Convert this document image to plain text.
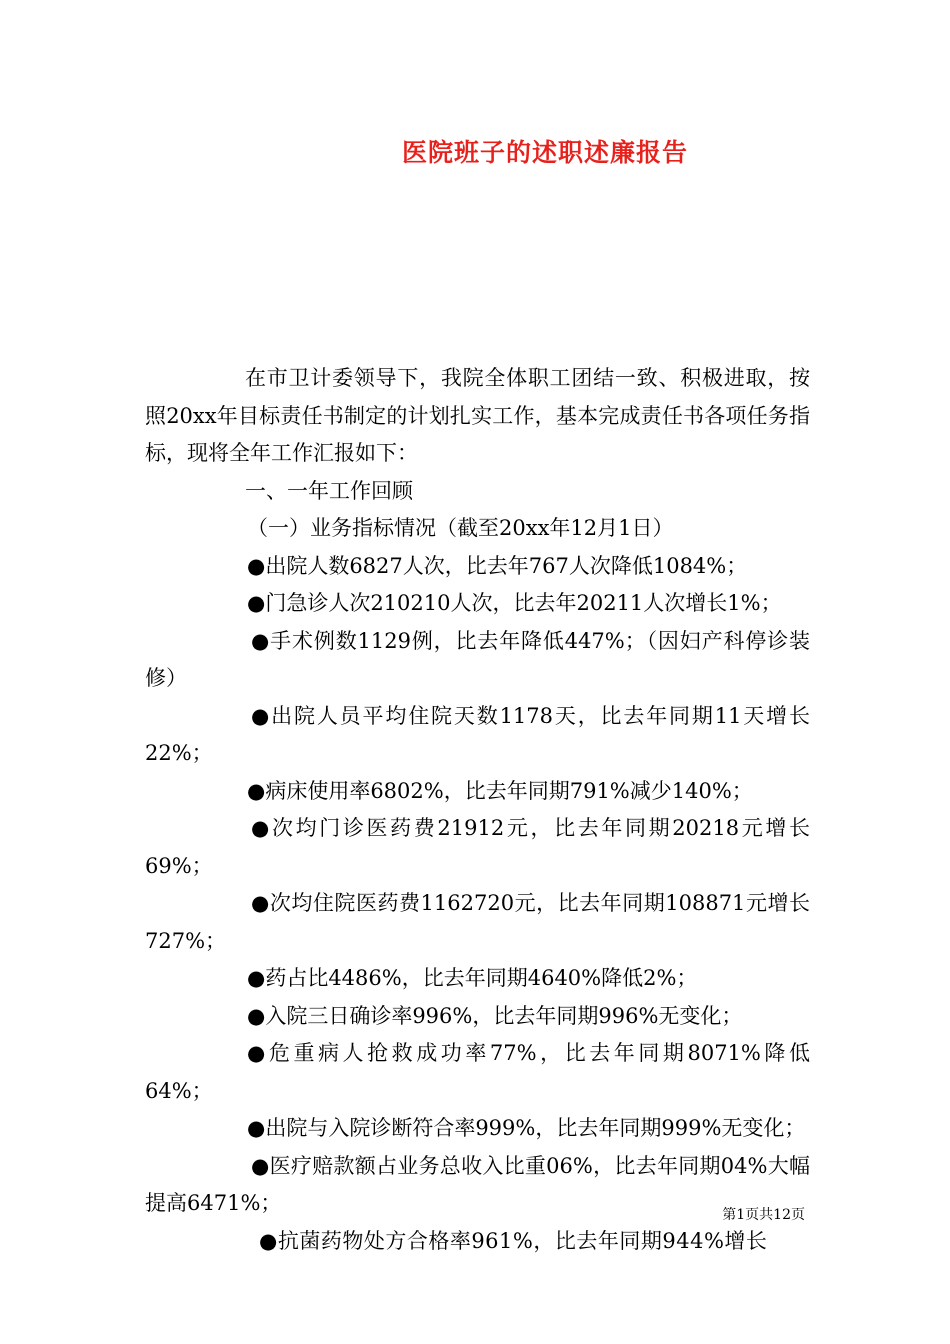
医院班子的述职述廉报告

在市卫计委领导下，我院全体职工团结一致、积极进取，按照20xx年目标责任书制定的计划扎实工作，基本完成责任书各项任务指标，现将全年工作汇报如下：

一、一年工作回顾

（一）业务指标情况（截至20xx年12月1日）

●出院人数6827人次，比去年767人次降低1084%；

●门急诊人次210210人次，比去年20211人次增长1%；

●手术例数1129例，比去年降低447%；（因妇产科停诊装修）

●出院人员平均住院天数1178天，比去年同期11天增长22%；

●病床使用率6802%，比去年同期791%减少140%；

●次均门诊医药费21912元，比去年同期20218元增长69%；

●次均住院医药费1162720元，比去年同期108871元增长727%；

●药占比4486%，比去年同期4640%降低2%；

●入院三日确诊率996%，比去年同期996%无变化；

●危重病人抢救成功率77%，比去年同期8071%降低64%；

●出院与入院诊断符合率999%，比去年同期999%无变化；

●医疗赔款额占业务总收入比重06%，比去年同期04%大幅提高6471%；

●抗菌药物处方合格率961%，比去年同期944%增长

第1页共12页
